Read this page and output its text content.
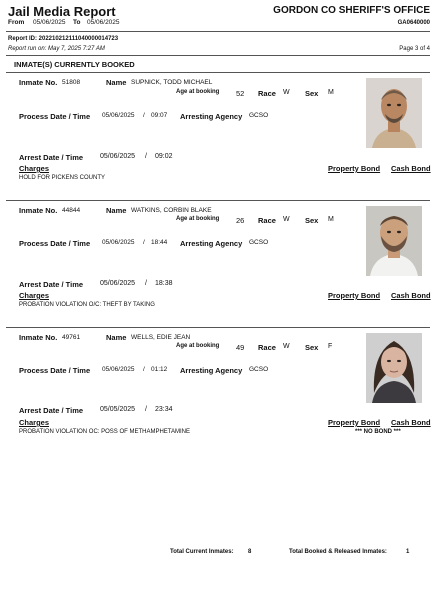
Jail Media Report
From 05/06/2025 To 05/06/2025
GORDON CO SHERIFF'S OFFICE
GA0640000
Report ID: 202210212111040000014723
Report run on: May 7, 2025 7:27 AM	Page 3 of 4
INMATE(S) CURRENTLY BOOKED
Inmate No. 51808	Name SUPNICK, TODD MICHAEL
Age at booking 52 Race W Sex M
Process Date / Time 05/06/2025 / 09:07 Arresting Agency GCSO
Arrest Date / Time 05/06/2025 / 09:02
Charges	Property Bond Cash Bond
HOLD FOR PICKENS COUNTY
Inmate No. 44844	Name WATKINS, CORBIN BLAKE
Age at booking 26 Race W Sex M
Process Date / Time 05/06/2025 / 18:44 Arresting Agency GCSO
Arrest Date / Time 05/06/2025 / 18:38
Charges	Property Bond Cash Bond
PROBATION VIOLATION O/C: THEFT BY TAKING
Inmate No. 49761	Name WELLS, EDIE JEAN
Age at booking 49 Race W Sex F
Process Date / Time 05/06/2025 / 01:12 Arresting Agency GCSO
Arrest Date / Time 05/05/2025 / 23:34
Charges	Property Bond Cash Bond
PROBATION VIOLATION OC: POSS OF METHAMPHETAMINE	*** NO BOND ***
Total Current Inmates: 8	Total Booked & Released Inmates:	1
